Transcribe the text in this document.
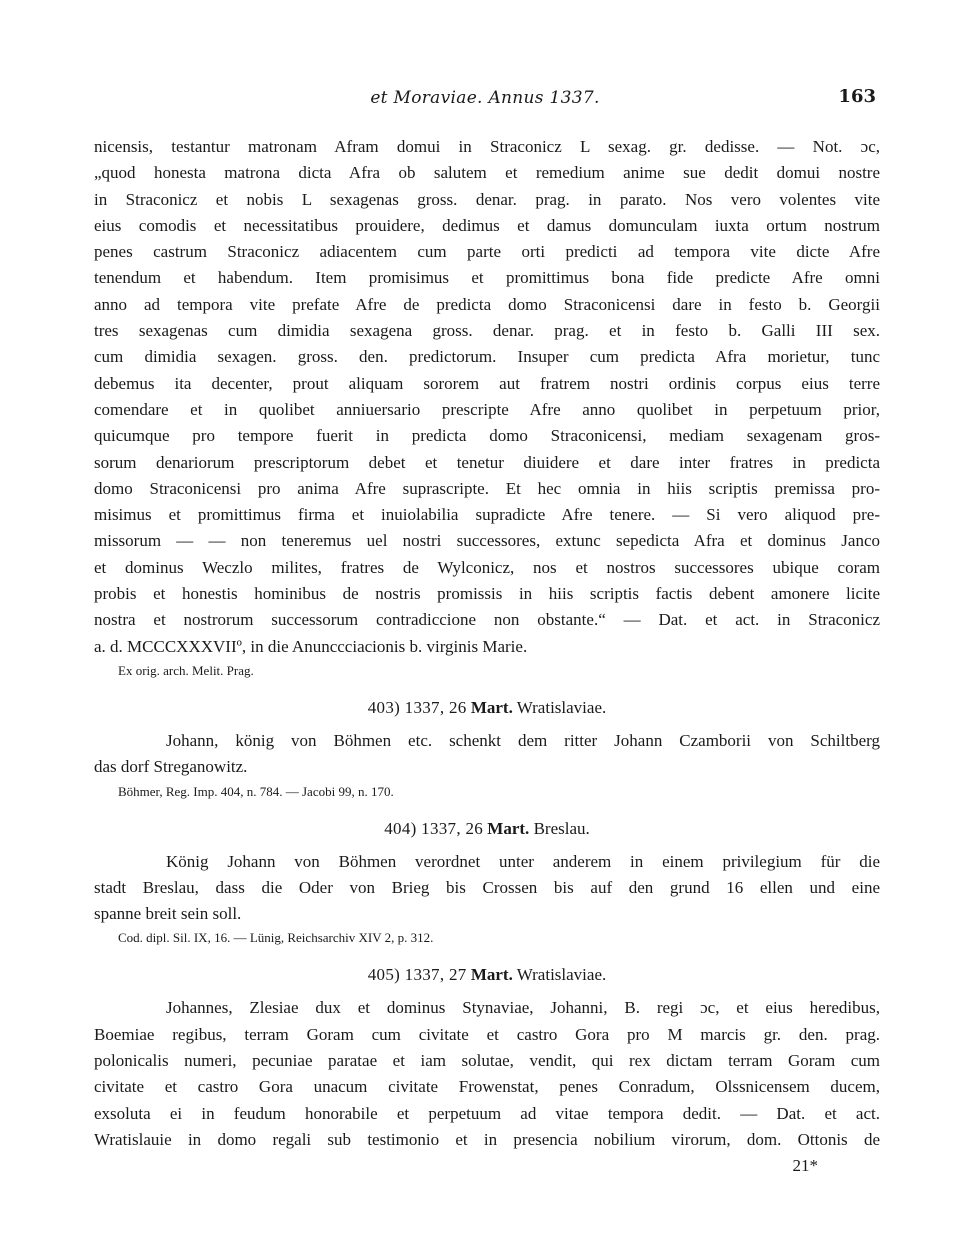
et Moraviae. Annus 1337.	163
nicensis, testantur matronam Afram domui in Straconicz L sexag. gr. dedisse. — Not. ɔc,
„quod honesta matrona dicta Afra ob salutem et remedium anime sue dedit domui nostre
in Straconicz et nobis L sexagenas gross. denar. prag. in parato. Nos vero volentes vite
eius comodis et necessitatibus prouidere, dedimus et damus domunculam iuxta ortum nostrum
penes castrum Straconicz adiacentem cum parte orti predicti ad tempora vite dicte Afre
tenendum et habendum. Item promisimus et promittimus bona fide predicte Afre omni
anno ad tempora vite prefate Afre de predicta domo Straconicensi dare in festo b. Georgii
tres sexagenas cum dimidia sexagena gross. denar. prag. et in festo b. Galli III sex.
cum dimidia sexagen. gross. den. predictorum. Insuper cum predicta Afra morietur, tunc
debemus ita decenter, prout aliquam sororem aut fratrem nostri ordinis corpus eius terre
comendare et in quolibet anniuersario prescripte Afre anno quolibet in perpetuum prior,
quicumque pro tempore fuerit in predicta domo Straconicensi, mediam sexagenam gros-
sorum denariorum prescriptorum debet et tenetur diuidere et dare inter fratres in predicta
domo Straconicensi pro anima Afre suprascripte. Et hec omnia in hiis scriptis premissa pro-
misimus et promittimus firma et inuiolabilia supradicte Afre tenere. — Si vero aliquod pre-
missorum — — non teneremus uel nostri successores, extunc sepedicta Afra et dominus Janco
et dominus Weczlo milites, fratres de Wylconicz, nos et nostros successores ubique coram
probis et honestis hominibus de nostris promissis in hiis scriptis factis debent amonere licite
nostra et nostrorum successorum contradiccione non obstante.“ — Dat. et act. in Straconicz
a. d. MCCCXXXVIIº, in die Anunccciacionis b. virginis Marie.
Ex orig. arch. Melit. Prag.
403) 1337, 26 Mart. Wratislaviae.
Johann, könig von Böhmen etc. schenkt dem ritter Johann Czamborii von Schiltberg
das dorf Streganowitz.
Böhmer, Reg. Imp. 404, n. 784. — Jacobi 99, n. 170.
404) 1337, 26 Mart. Breslau.
König Johann von Böhmen verordnet unter anderem in einem privilegium für die
stadt Breslau, dass die Oder von Brieg bis Crossen bis auf den grund 16 ellen und eine
spanne breit sein soll.
Cod. dipl. Sil. IX, 16. — Lünig, Reichsarchiv XIV 2, p. 312.
405) 1337, 27 Mart. Wratislaviae.
Johannes, Zlesiae dux et dominus Stynaviae, Johanni, B. regi ɔc, et eius heredibus,
Boemiae regibus, terram Goram cum civitate et castro Gora pro M marcis gr. den. prag.
polonicalis numeri, pecuniae paratae et iam solutae, vendit, qui rex dictam terram Goram cum
civitate et castro Gora unacum civitate Frowenstat, penes Conradum, Olssnicensem ducem,
exsoluta ei in feudum honorabile et perpetuum ad vitae tempora dedit. — Dat. et act.
Wratislauie in domo regali sub testimonio et in presencia nobilium virorum, dom. Ottonis de
21*
